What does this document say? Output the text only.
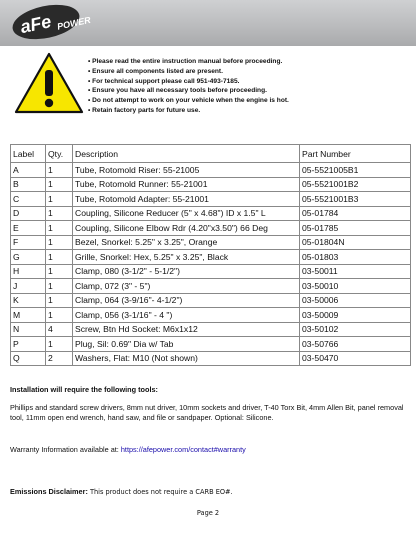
aFe POWER
• Please read the entire instruction manual before proceeding.
• Ensure all components listed are present.
• For technical support please call 951-493-7185.
• Ensure you have all necessary tools before proceeding.
• Do not attempt to work on your vehicle when the engine is hot.
• Retain factory parts for future use.
Label	Qty.	Description	Part Number
A	1	Tube, Rotomold Riser: 55-21005	05-5521005B1
B	1	Tube, Rotomold Runner: 55-21001	05-5521001B2
C	1	Tube, Rotomold Adapter: 55-21001	05-5521001B3
D	1	Coupling, Silicone Reducer (5" x 4.68") ID x 1.5" L	05-01784
E	1	Coupling, Silicone Elbow Rdr (4.20"x3.50") 66 Deg	05-01785
F	1	Bezel, Snorkel: 5.25" x 3.25", Orange	05-01804N
G	1	Grille, Snorkel: Hex, 5.25" x 3.25", Black	05-01803
H	1	Clamp, 080 (3-1/2" - 5-1/2")	03-50011
J	1	Clamp, 072 (3" - 5")	03-50010
K	1	Clamp, 064 (3-9/16"- 4-1/2")	03-50006
M	1	Clamp, 056 (3-1/16" - 4 ")	03-50009
N	4	Screw, Btn Hd Socket: M6x1x12	03-50102
P	1	Plug, Sil: 0.69" Dia w/ Tab	03-50766
Q	2	Washers, Flat: M10 (Not shown)	03-50470

Installation will require the following tools:

Phillips and standard screw drivers, 8mm nut driver, 10mm sockets and driver, T-40 Torx Bit, 4mm Allen Bit, panel removal tool, 11mm open end wrench, hand saw, and file or sandpaper. Optional: Silicone.

Warranty Information available at: https://afepower.com/contact#warranty

Emissions Disclaimer: This product does not require a CARB EO#.

Page 2
